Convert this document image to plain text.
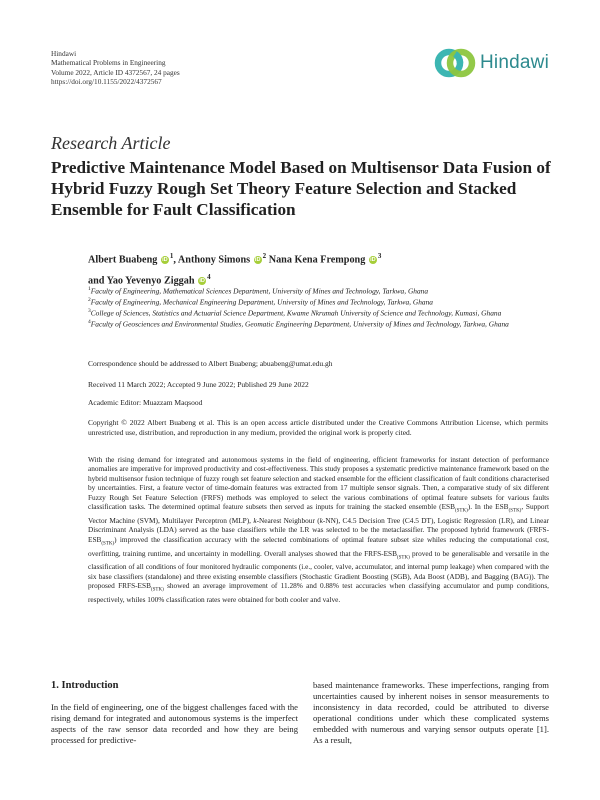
Hindawi
Mathematical Problems in Engineering
Volume 2022, Article ID 4372567, 24 pages
https://doi.org/10.1155/2022/4372567
Hindawi
Research Article
Predictive Maintenance Model Based on Multisensor Data Fusion of Hybrid Fuzzy Rough Set Theory Feature Selection and Stacked Ensemble for Fault Classification
Albert Buabeng $iD^1$, Anthony Simons $iD^2$ Nana Kena Frempong $iD^3$
and Yao Yevenyo Ziggah $iD^4$
$^1$Faculty of Engineering, Mathematical Sciences Department, University of Mines and Technology, Tarkwa, Ghana
$^2$Faculty of Engineering, Mechanical Engineering Department, University of Mines and Technology, Tarkwa, Ghana
$^3$College of Sciences, Statistics and Actuarial Science Department, Kwame Nkrumah University of Science and Technology, Kumasi, Ghana
$^4$Faculty of Geosciences and Environmental Studies, Geomatic Engineering Department, University of Mines and Technology, Tarkwa, Ghana
Correspondence should be addressed to Albert Buabeng; abuabeng@umat.edu.gh
Received 11 March 2022; Accepted 9 June 2022; Published 29 June 2022
Academic Editor: Muazzam Maqsood
Copyright © 2022 Albert Buabeng et al. This is an open access article distributed under the Creative Commons Attribution License, which permits unrestricted use, distribution, and reproduction in any medium, provided the original work is properly cited.
With the rising demand for integrated and autonomous systems in the field of engineering, efficient frameworks for instant detection of performance anomalies are imperative for improved productivity and cost-effectiveness. This study proposes a systematic predictive maintenance framework based on the hybrid multisensor fusion technique of fuzzy rough set feature selection and stacked ensemble for the efficient classification of fault conditions characterised by uncertainties. First, a feature vector of time-domain features was extracted from 17 multiple sensor signals. Then, a comparative study of six different Fuzzy Rough Set Feature Selection (FRFS) methods was employed to select the various combinations of optimal feature subsets for various faults classification tasks. The determined optimal feature subsets then served as inputs for training the stacked ensemble $(ESB_{(STK)})$. In the $ESB_{(STK)}$, Support Vector Machine (SVM), Multilayer Perceptron (MLP), k-Nearest Neighbour (k-NN), C4.5 Decision Tree (C4.5 DT), Logistic Regression (LR), and Linear Discriminant Analysis (LDA) served as the base classifiers while the LR was selected to be the metaclassifier. The proposed hybrid framework $(FRFS-ESB_{(STK)})$ improved the classification accuracy with the selected combinations of optimal feature subset size whiles reducing the computational cost, overfitting, training runtime, and uncertainty in modelling. Overall analyses showed that the FRFS-$ESB_{(STK)}$ proved to be generalisable and versatile in the classification of all conditions of four monitored hydraulic components (i.e., cooler, valve, accumulator, and internal pump leakage) when compared with the six base classifiers (standalone) and three existing ensemble classifiers (Stochastic Gradient Boosting (SGB), Ada Boost (ADB), and Bagging (BAG)). The proposed FRFS-$ESB_{(STK)}$ showed an average improvement of 11.28% and 0.88% test accuracies when classifying accumulator and pump conditions, respectively, whiles 100% classification rates were obtained for both cooler and valve.
1. Introduction
In the field of engineering, one of the biggest challenges faced with the rising demand for integrated and autonomous systems is the imperfect aspects of the raw sensor data recorded and how they are being processed for predictive-
based maintenance frameworks. These imperfections, ranging from uncertainties caused by inherent noises in sensor measurements to inconsistency in data recorded, could be attributed to diverse operational conditions under which these complicated systems embedded with numerous and varying sensor outputs operate [1]. As a result,
